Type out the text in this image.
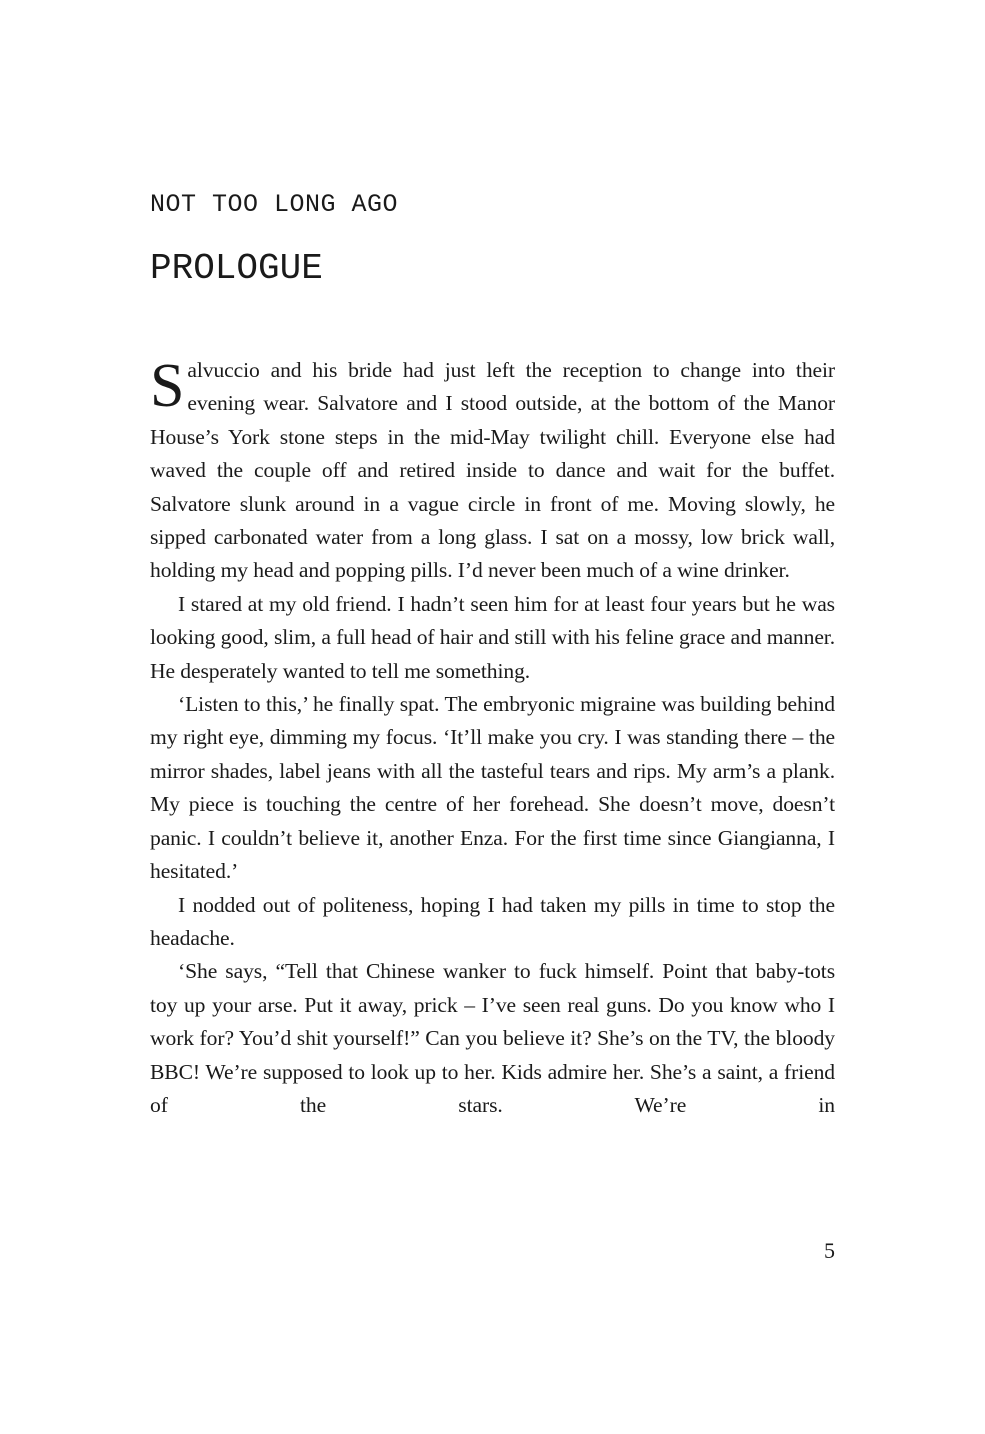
NOT TOO LONG AGO
PROLOGUE

Salvuccio and his bride had just left the reception to change into their evening wear. Salvatore and I stood outside, at the bottom of the Manor House’s York stone steps in the mid-May twilight chill. Everyone else had waved the couple off and retired inside to dance and wait for the buffet. Salvatore slunk around in a vague circle in front of me. Moving slowly, he sipped carbonated water from a long glass. I sat on a mossy, low brick wall, holding my head and popping pills. I’d never been much of a wine drinker.

I stared at my old friend. I hadn’t seen him for at least four years but he was looking good, slim, a full head of hair and still with his feline grace and manner. He desperately wanted to tell me something.

‘Listen to this,’ he finally spat. The embryonic migraine was building behind my right eye, dimming my focus. ‘It’ll make you cry. I was standing there – the mirror shades, label jeans with all the tasteful tears and rips. My arm’s a plank. My piece is touching the centre of her forehead. She doesn’t move, doesn’t panic. I couldn’t believe it, another Enza. For the first time since Giangianna, I hesitated.’

I nodded out of politeness, hoping I had taken my pills in time to stop the headache.

‘She says, “Tell that Chinese wanker to fuck himself. Point that baby-tots toy up your arse. Put it away, prick – I’ve seen real guns. Do you know who I work for? You’d shit yourself!” Can you believe it? She’s on the TV, the bloody BBC! We’re supposed to look up to her. Kids admire her. She’s a saint, a friend of the stars. We’re in

5
